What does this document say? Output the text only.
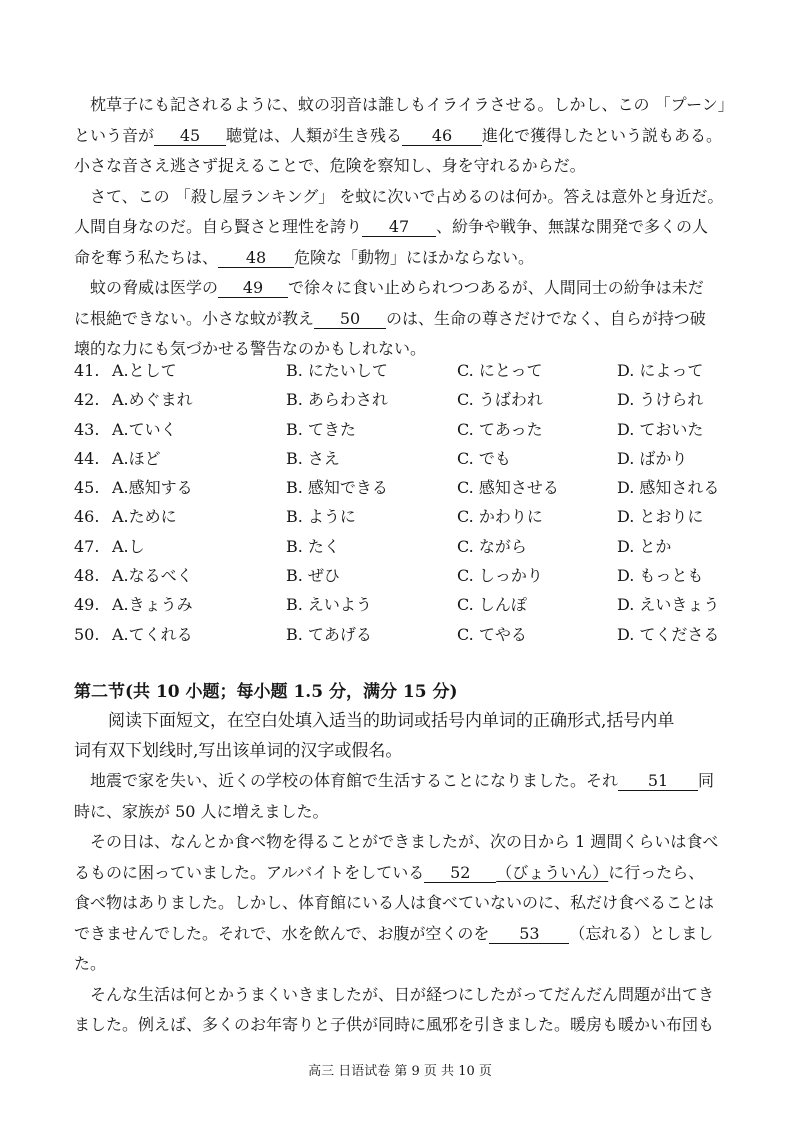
枕草子にも記されるように、蚊の羽音は誰しもイライラさせる。しかし、この 「プーン」

という音が 45 聴覚は、人類が生き残る 46 進化で獲得したという説もある。

小さな音さえ逃さず捉えることで、危険を察知し、身を守れるからだ。

さて、この 「殺し屋ランキング」 を蚊に次いで占めるのは何か。答えは意外と身近だ。

人間自身なのだ。自ら賢さと理性を誇り 47 、紛争や戦争、無謀な開発で多くの人

命を奪う私たちは、 48 危険な「動物」にほかならない。

蚊の脅威は医学の 49 で徐々に食い止められつつあるが、人間同士の紛争は未だ

に根絶できない。小さな蚊が教え 50 のは、生命の尊さだけでなく、自らが持つ破

壊的な力にも気づかせる警告なのかもしれない。

41. A.として	B. にたいして	C. にとって	D. によって
42. A.めぐまれ	B. あらわされ	C. うばわれ	D. うけられ
43. A.ていく	B. てきた	C. てあった	D. ておいた
44. A.ほど	B. さえ	C. でも	D. ばかり
45. A.感知する	B. 感知できる	C. 感知させる	D. 感知される
46. A.ために	B. ように	C. かわりに	D. とおりに
47. A.し	B. たく	C. ながら	D. とか
48. A.なるべく	B. ぜひ	C. しっかり	D. もっとも
49. A.きょうみ	B. えいよう	C. しんぽ	D. えいきょう
50. A.てくれる	B. てあげる	C. てやる	D. てくださる
第二节(共 10 小题；每小题 1.5 分，满分 15 分)

阅读下面短文，在空白处填入适当的助词或括号内单词的正确形式,括号内单

词有双下划线时,写出该单词的汉字或假名。

地震で家を失い、近くの学校の体育館で生活することになりました。それ 51 同

時に、家族が 50 人に増えました。

その日は、なんとか食べ物を得ることができましたが、次の日から 1 週間くらいは食べ

るものに困っていました。アルバイトをしている 52 （びょういん）に行ったら、

食べ物はありました。しかし、体育館にいる人は食べていないのに、私だけ食べることは

できませんでした。それで、水を飲んで、お腹が空くのを 53 （忘れる）としまし

た。

そんな生活は何とかうまくいきましたが、日が経つにしたがってだんだん問題が出てき

ました。例えば、多くのお年寄りと子供が同時に風邪を引きました。暖房も暖かい布団も

高三 日语试卷 第 9 页 共 10 页
